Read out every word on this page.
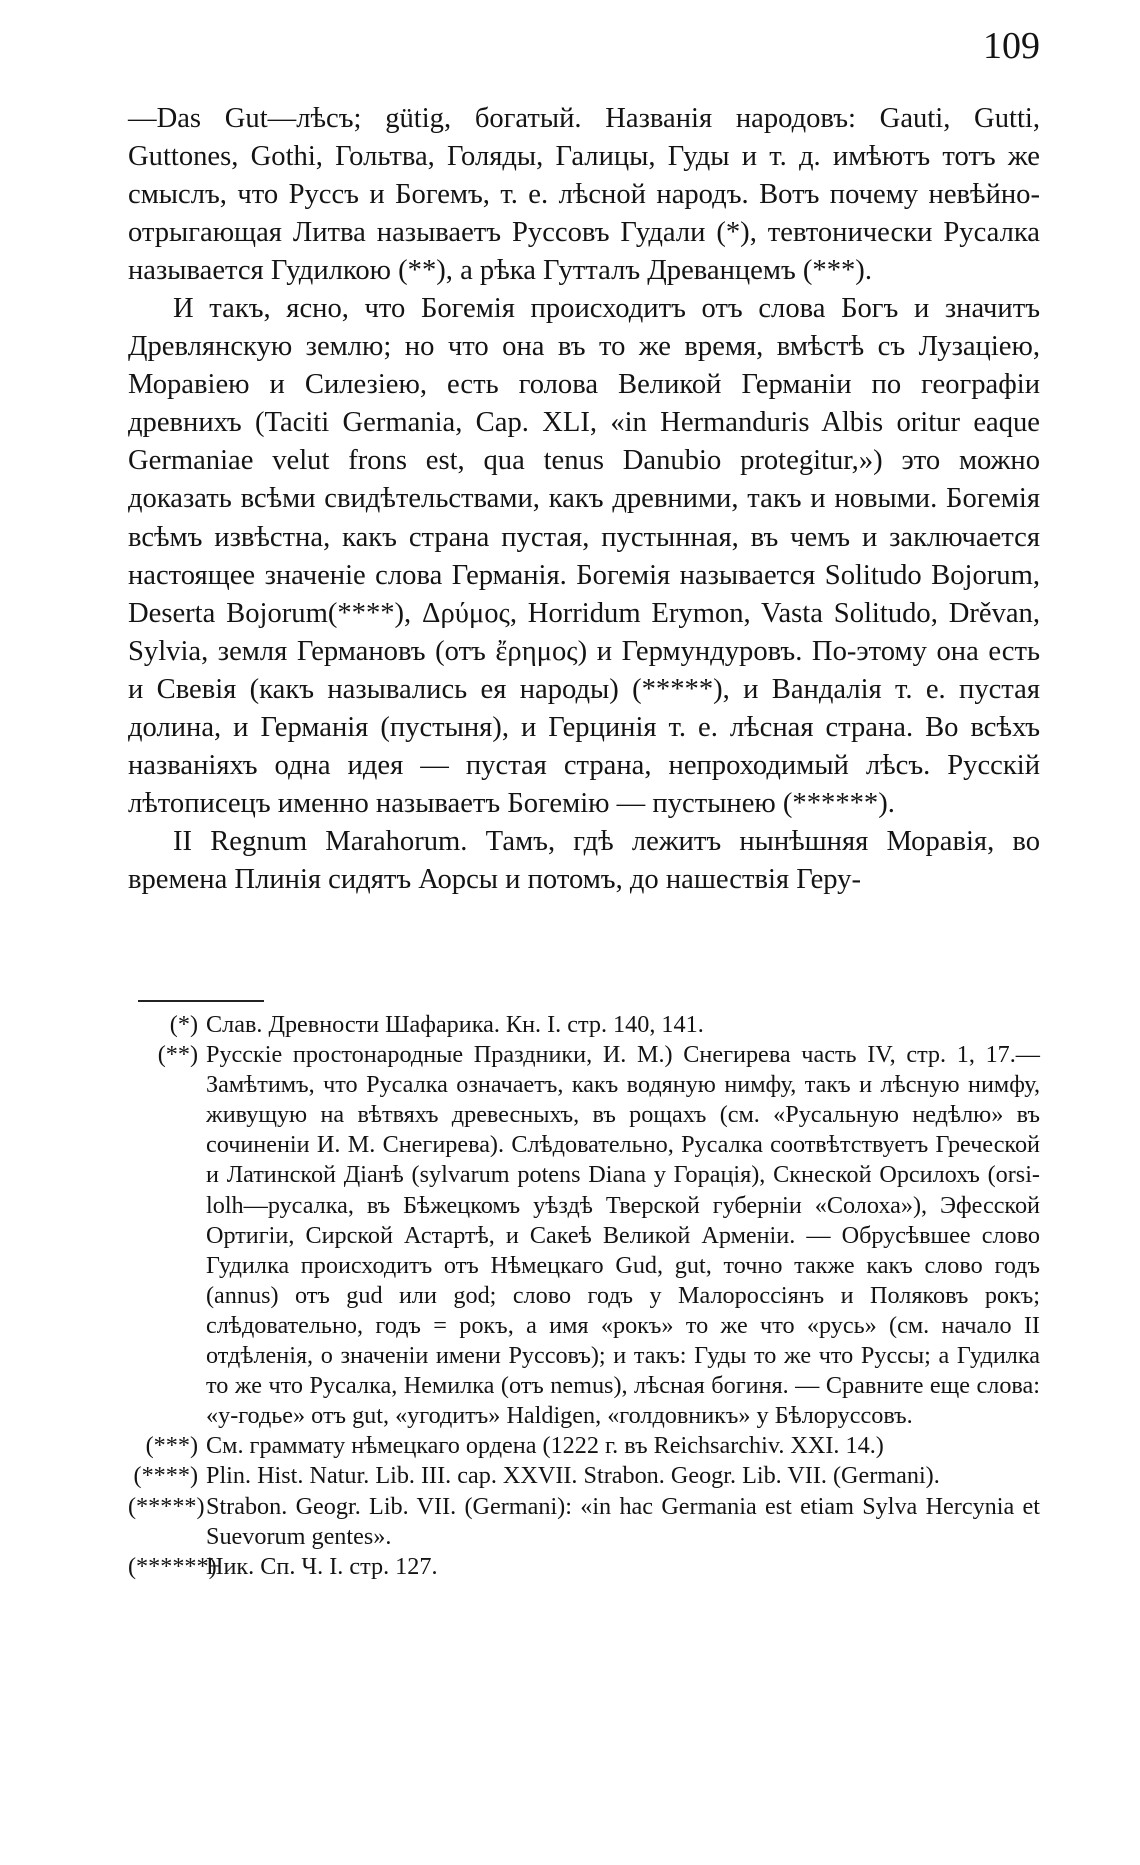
109

—Das Gut—лѣсъ; gütig, богатый. Названія народовъ: Gauti, Gutti, Guttones, Gothi, Гольтва, Голяды, Галицы, Гуды и т. д. имѣютъ тотъ же смыслъ, что Руссъ и Богемъ, т. е. лѣсной народъ. Вотъ почему невѣйно-отрыгающая Литва называетъ Руссовъ Гудали (*), тевтонически Русалка называется Гудилкою (**), а рѣка Гутталъ Древанцемъ (***).

И такъ, ясно, что Богемія происходитъ отъ слова Богъ и значитъ Древлянскую землю; но что она въ то же время, вмѣстѣ съ Лузаціею, Моравіею и Силезіею, есть голова Великой Германіи по географіи древнихъ (Taciti Germania, Cap. XLI, «in Hermanduris Albis oritur eaque Germaniae velut frons est, qua tenus Danubio protegitur,») это можно доказать всѣми свидѣтельствами, какъ древними, такъ и новыми. Богемія всѣмъ извѣстна, какъ страна пустая, пустынная, въ чемъ и заключается настоящее значеніе слова Германія. Богемія называется Solitudo Bojorum, Deserta Bojorum(****), Δρύμος, Horridum Erymon, Vasta Solitudo, Drěvan, Sylvia, земля Германовъ (отъ ἔρημος) и Гермундуровъ. По-этому она есть и Свевія (какъ назывались ея народы) (*****), и Вандалія т. е. пустая долина, и Германія (пустыня), и Герцинія т. е. лѣсная страна. Во всѣхъ названіяхъ одна идея — пустая страна, непроходимый лѣсъ. Русскій лѣтописецъ именно называетъ Богемію — пустынею (******).

II Regnum Marahorum. Тамъ, гдѣ лежитъ нынѣшняя Моравія, во времена Плинія сидятъ Аорсы и потомъ, до нашествія Геру-

(*) Слав. Древности Шафарика. Кн. I. стр. 140, 141.
(**) Русскіе простонародные Праздники, И. М.) Снегирева часть IV, стр. 1, 17.—Замѣтимъ, что Русалка означаетъ, какъ водяную нимфу, такъ и лѣсную нимфу, живущую на вѣтвяхъ древесныхъ, въ рощахъ (см. «Русальную недѣлю» въ сочиненіи И. М. Снегирева). Слѣдовательно, Русалка соотвѣтствуетъ Греческой и Латинской Діанѣ (sylvarum potens Diana у Горація), Скнеской Орсилохъ (orsi-lolh—русалка, въ Бѣжецкомъ уѣздѣ Тверской губерніи «Солоха»), Эфесской Ортигіи, Сирской Астартѣ, и Сакеѣ Великой Арменіи. — Обрусѣвшее слово Гудилка происходитъ отъ Нѣмецкаго Gud, gut, точно также какъ слово годъ (annus) отъ gud или god; слово годъ у Малороссіянъ и Поляковъ рокъ; слѣдовательно, годъ = рокъ, а имя «рокъ» то же что «русь» (см. начало II отдѣленія, о значеніи имени Руссовъ); и такъ: Гуды то же что Руссы; а Гудилка то же что Русалка, Немилка (отъ nemus), лѣсная богиня. — Сравните еще слова: «у-годье» отъ gut, «угодитъ» Haldigen, «голдовникъ» у Бѣлоруссовъ.
(***) См. граммату нѣмецкаго ордена (1222 г. въ Reichsarchiv. XXI. 14.)
(****) Plin. Hist. Natur. Lib. III. cap. XXVII. Strabon. Geogr. Lib. VII. (Germani).
(*****) Strabon. Geogr. Lib. VII. (Germani): «in hac Germania est etiam Sylva Hercynia et Suevorum gentes».
(******)
Ник. Сп. Ч. I. стр. 127.
